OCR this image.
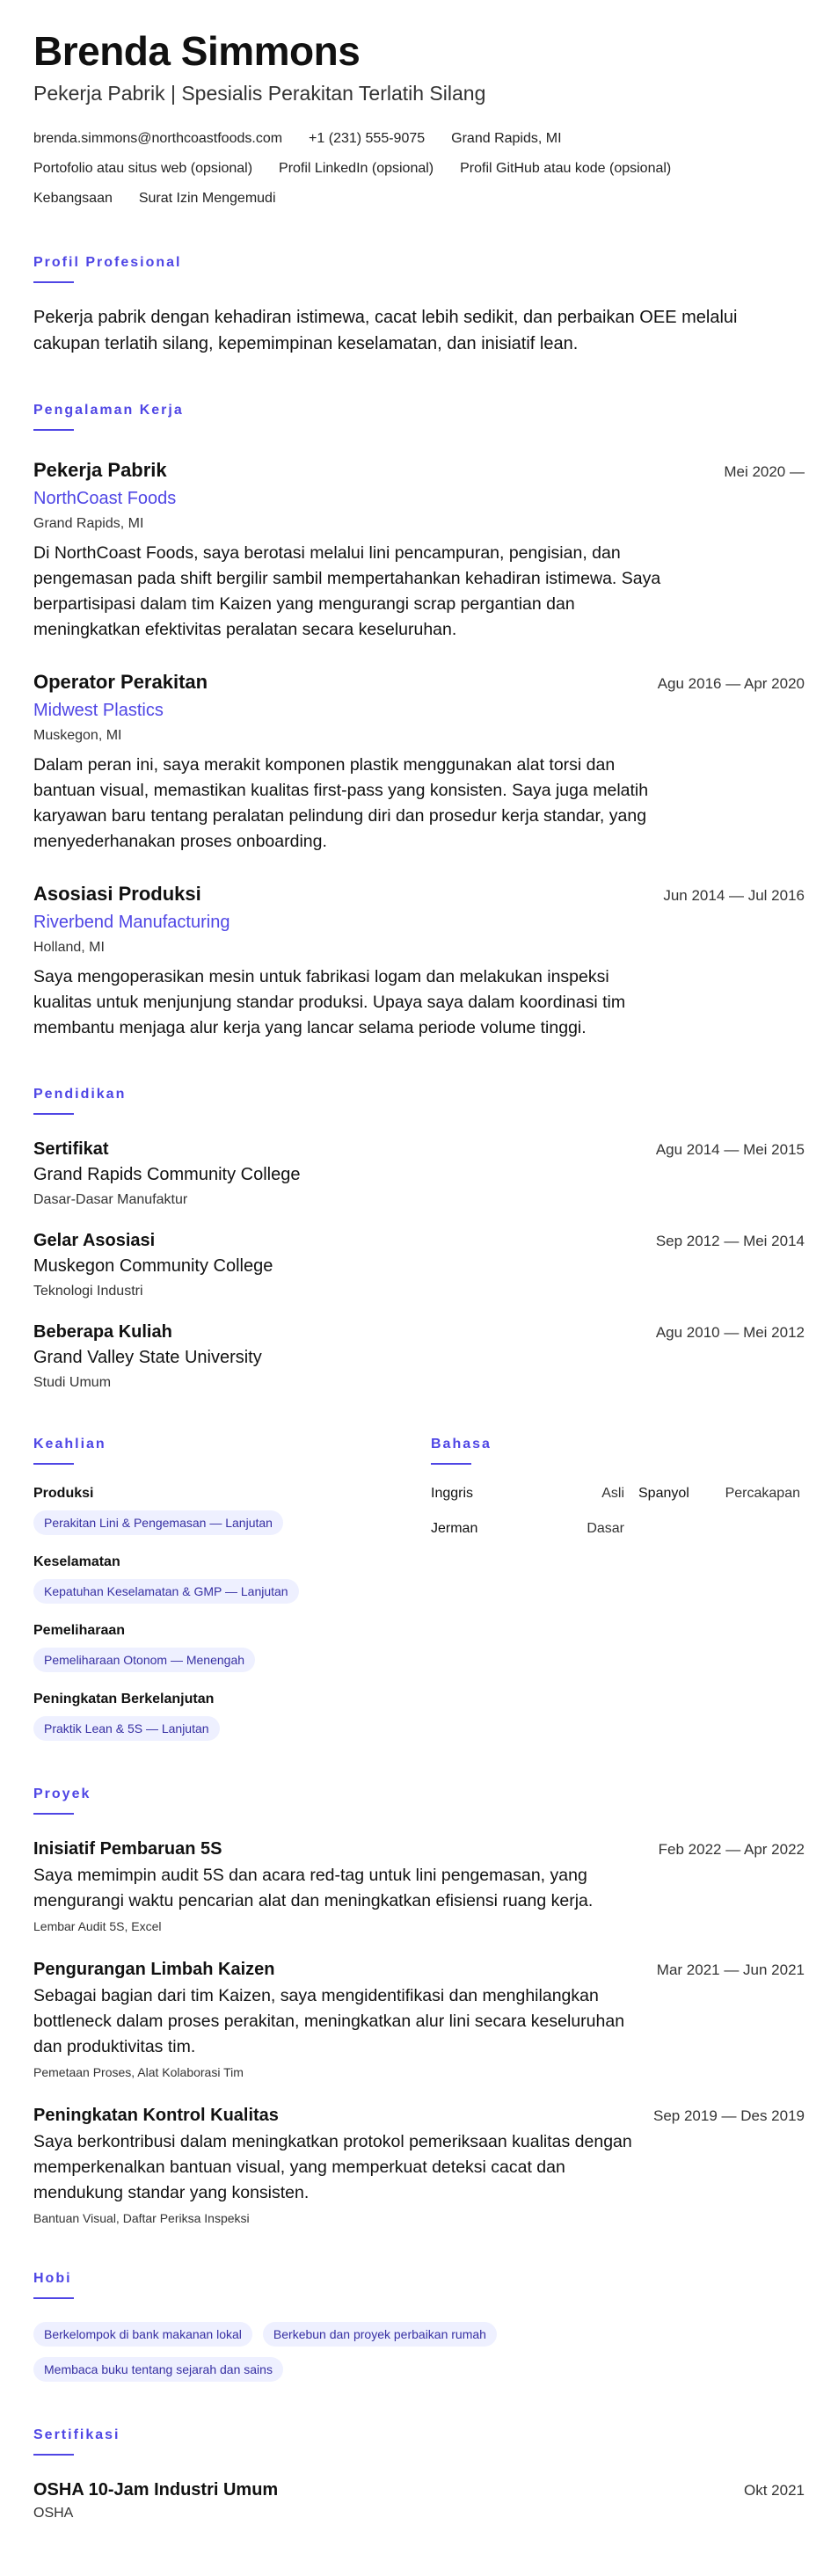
Brenda Simmons
Pekerja Pabrik | Spesialis Perakitan Terlatih Silang
brenda.simmons@northcoastfoods.com +1 (231) 555-9075 Grand Rapids, MI
Portofolio atau situs web (opsional) Profil LinkedIn (opsional) Profil GitHub atau kode (opsional)
Kebangsaan Surat Izin Mengemudi
Profil Profesional

Pekerja pabrik dengan kehadiran istimewa, cacat lebih sedikit, dan perbaikan OEE melalui cakupan terlatih silang, kepemimpinan keselamatan, dan inisiatif lean.

Pengalaman Kerja
Pekerja Pabrik	Mei 2020 —
NorthCoast Foods
Grand Rapids, MI

Di NorthCoast Foods, saya berotasi melalui lini pencampuran, pengisian, dan pengemasan pada shift bergilir sambil mempertahankan kehadiran istimewa. Saya berpartisipasi dalam tim Kaizen yang mengurangi scrap pergantian dan meningkatkan efektivitas peralatan secara keseluruhan.

Operator Perakitan	Agu 2016 — Apr 2020
Midwest Plastics
Muskegon, MI

Dalam peran ini, saya merakit komponen plastik menggunakan alat torsi dan bantuan visual, memastikan kualitas first-pass yang konsisten. Saya juga melatih karyawan baru tentang peralatan pelindung diri dan prosedur kerja standar, yang menyederhanakan proses onboarding.

Asosiasi Produksi	Jun 2014 — Jul 2016
Riverbend Manufacturing
Holland, MI

Saya mengoperasikan mesin untuk fabrikasi logam dan melakukan inspeksi kualitas untuk menjunjung standar produksi. Upaya saya dalam koordinasi tim membantu menjaga alur kerja yang lancar selama periode volume tinggi.

Pendidikan
Sertifikat	Agu 2014 — Mei 2015
Grand Rapids Community College
Dasar-Dasar Manufaktur
Gelar Asosiasi	Sep 2012 — Mei 2014
Muskegon Community College
Teknologi Industri
Beberapa Kuliah	Agu 2010 — Mei 2012
Grand Valley State University
Studi Umum
Keahlian
Produksi
Perakitan Lini & Pengemasan — Lanjutan
Keselamatan
Kepatuhan Keselamatan & GMP — Lanjutan
Pemeliharaan
Pemeliharaan Otonom — Menengah
Peningkatan Berkelanjutan
Praktik Lean & 5S — Lanjutan
Bahasa
Inggris	Asli	Spanyol	Percakapan
Jerman	Dasar
Proyek
Inisiatif Pembaruan 5S	Feb 2022 — Apr 2022

Saya memimpin audit 5S dan acara red-tag untuk lini pengemasan, yang mengurangi waktu pencarian alat dan meningkatkan efisiensi ruang kerja.

Lembar Audit 5S, Excel
Pengurangan Limbah Kaizen	Mar 2021 — Jun 2021

Sebagai bagian dari tim Kaizen, saya mengidentifikasi dan menghilangkan bottleneck dalam proses perakitan, meningkatkan alur lini secara keseluruhan dan produktivitas tim.

Pemetaan Proses, Alat Kolaborasi Tim
Peningkatan Kontrol Kualitas	Sep 2019 — Des 2019

Saya berkontribusi dalam meningkatkan protokol pemeriksaan kualitas dengan memperkenalkan bantuan visual, yang memperkuat deteksi cacat dan mendukung standar yang konsisten.

Bantuan Visual, Daftar Periksa Inspeksi
Hobi
Berkelompok di bank makanan lokal	Berkebun dan proyek perbaikan rumah
Membaca buku tentang sejarah dan sains
Sertifikasi
OSHA 10-Jam Industri Umum	Okt 2021
OSHA
